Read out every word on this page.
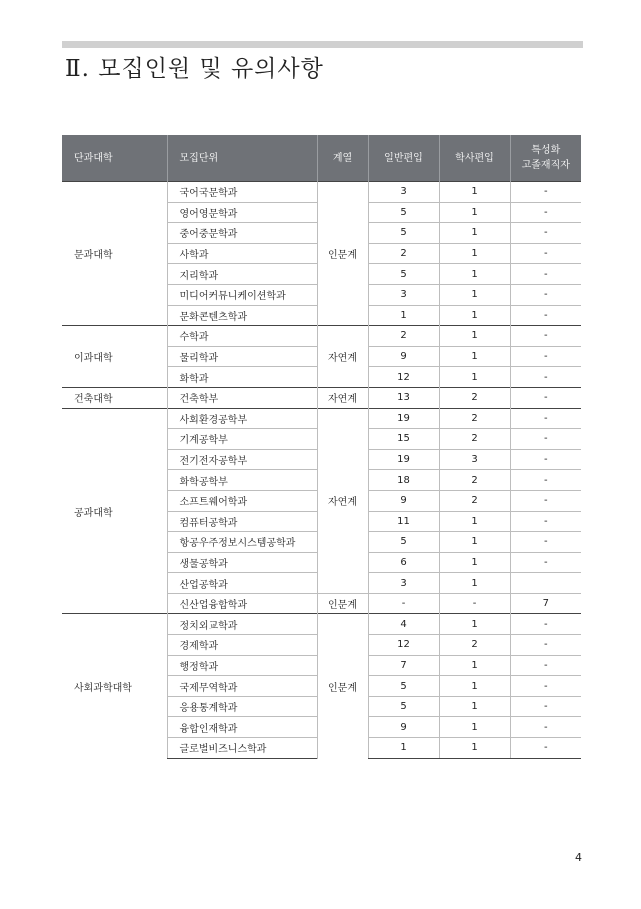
Ⅱ. 모집인원 및 유의사항
단과대학	모집단위	계열	일반편입	학사편입	특성화
고졸재직자
문과대학	국어국문학과	인문계	3	1	-
	영어영문학과		5	1	-
	중어중문학과		5	1	-
	사학과		2	1	-
	지리학과		5	1	-
	미디어커뮤니케이션학과		3	1	-
	문화콘텐츠학과		1	1	-
이과대학	수학과	자연계	2	1	-
	물리학과		9	1	-
	화학과		12	1	-
건축대학	건축학부	자연계	13	2	-
공과대학	사회환경공학부	자연계	19	2	-
	기계공학부		15	2	-
	전기전자공학부		19	3	-
	화학공학부		18	2	-
	소프트웨어학과		9	2	-
	컴퓨터공학과		11	1	-
	항공우주정보시스템공학과		5	1	-
	생물공학과		6	1	-
	산업공학과		3	1	
	신산업융합학과	인문계	-	-	7
사회과학대학	정치외교학과	인문계	4	1	-
	경제학과		12	2	-
	행정학과		7	1	-
	국제무역학과		5	1	-
	응용통계학과		5	1	-
	융합인재학과		9	1	-
	글로벌비즈니스학과		1	1	-
4
